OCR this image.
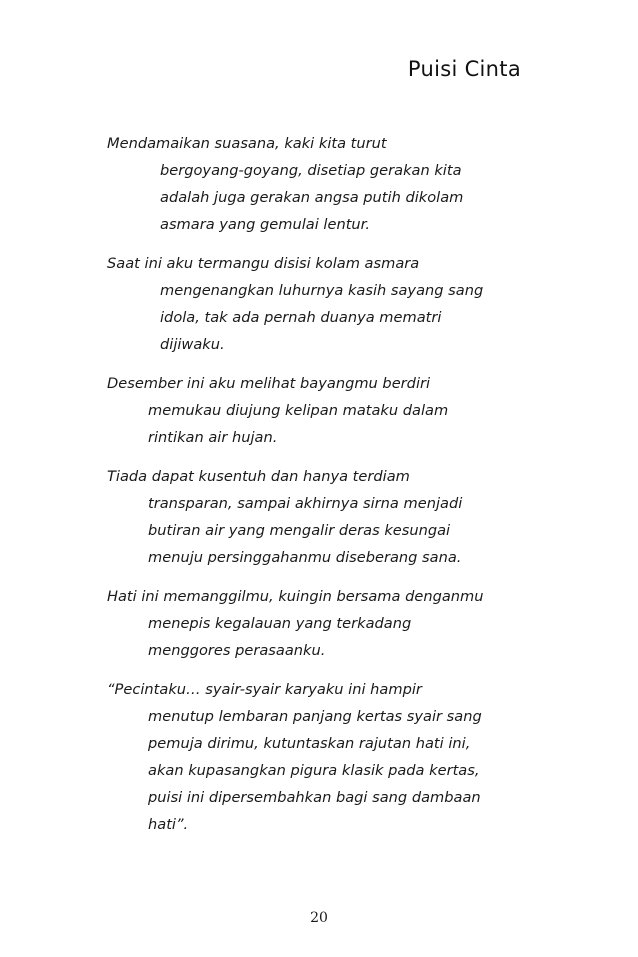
Puisi Cinta
Mendamaikan suasana, kaki kita turut
bergoyang-goyang, disetiap gerakan kita
adalah juga gerakan angsa putih dikolam
asmara yang gemulai lentur.
Saat ini aku termangu disisi kolam asmara
mengenangkan luhurnya kasih sayang sang
idola, tak ada pernah duanya mematri
dijiwaku.
Desember ini aku melihat bayangmu berdiri
memukau diujung kelipan mataku dalam
rintikan air hujan.
Tiada dapat kusentuh dan hanya terdiam
transparan, sampai akhirnya sirna menjadi
butiran air yang mengalir deras kesungai
menuju persinggahanmu diseberang sana.
Hati ini memanggilmu, kuingin bersama denganmu
menepis kegalauan yang terkadang
menggores perasaanku.
“Pecintaku… syair-syair karyaku ini hampir
menutup lembaran panjang kertas syair sang
pemuja dirimu, kutuntaskan rajutan hati ini,
akan kupasangkan pigura klasik pada kertas,
puisi ini dipersembahkan bagi sang dambaan
hati”.
20
